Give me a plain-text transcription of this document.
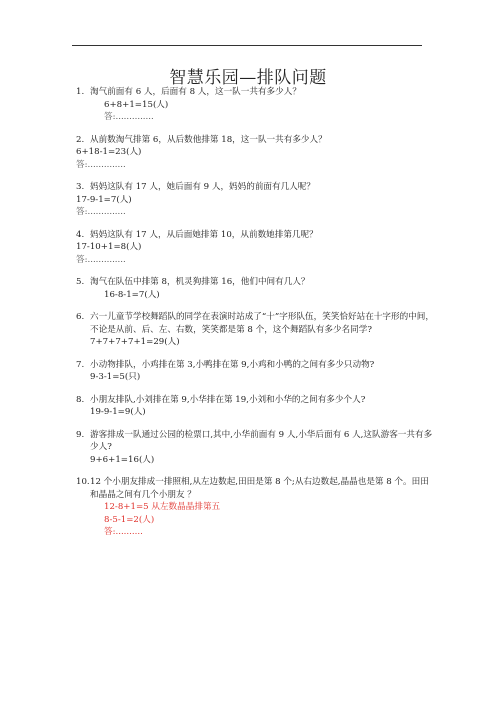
智慧乐园—排队问题
1. 淘气前面有 6 人，后面有 8 人，这一队一共有多少人？
6+8+1=15(人)
答:..............
2. 从前数淘气排第 6，从后数他排第 18，这一队一共有多少人？
6+18-1=23(人)
答:..............
3. 妈妈这队有 17 人，她后面有 9 人，妈妈的前面有几人呢？
17-9-1=7(人)
答:..............
4. 妈妈这队有 17 人，从后面她排第 10，从前数她排第几呢？
17-10+1=8(人)
答:..............
5. 淘气在队伍中排第 8，机灵狗排第 16，他们中间有几人？
16-8-1=7(人)
6. 六一儿童节学校舞蹈队的同学在表演时站成了“十”字形队伍，笑笑恰好站在十字形的中间，不论是从前、后、左、右数，笑笑都是第 8 个，这个舞蹈队有多少名同学?
7+7+7+7+1=29(人)
7. 小动物排队，小鸡排在第 3,小鸭排在第 9,小鸡和小鸭的之间有多少只动物?
9-3-1=5(只)
8. 小朋友排队,小刘排在第 9,小华排在第 19,小刘和小华的之间有多少个人?
19-9-1=9(人)
9. 游客排成一队通过公园的检票口,其中,小华前面有 9 人,小华后面有 6 人,这队游客一共有多少人?
9+6+1=16(人)
10. 12 个小朋友排成一排照相,从左边数起,田田是第 8 个;从右边数起,晶晶也是第 8 个。田田和晶晶之间有几个小朋友 ？
12-8+1=5 从左数晶晶排第五
8-5-1=2(人)
答:..........
